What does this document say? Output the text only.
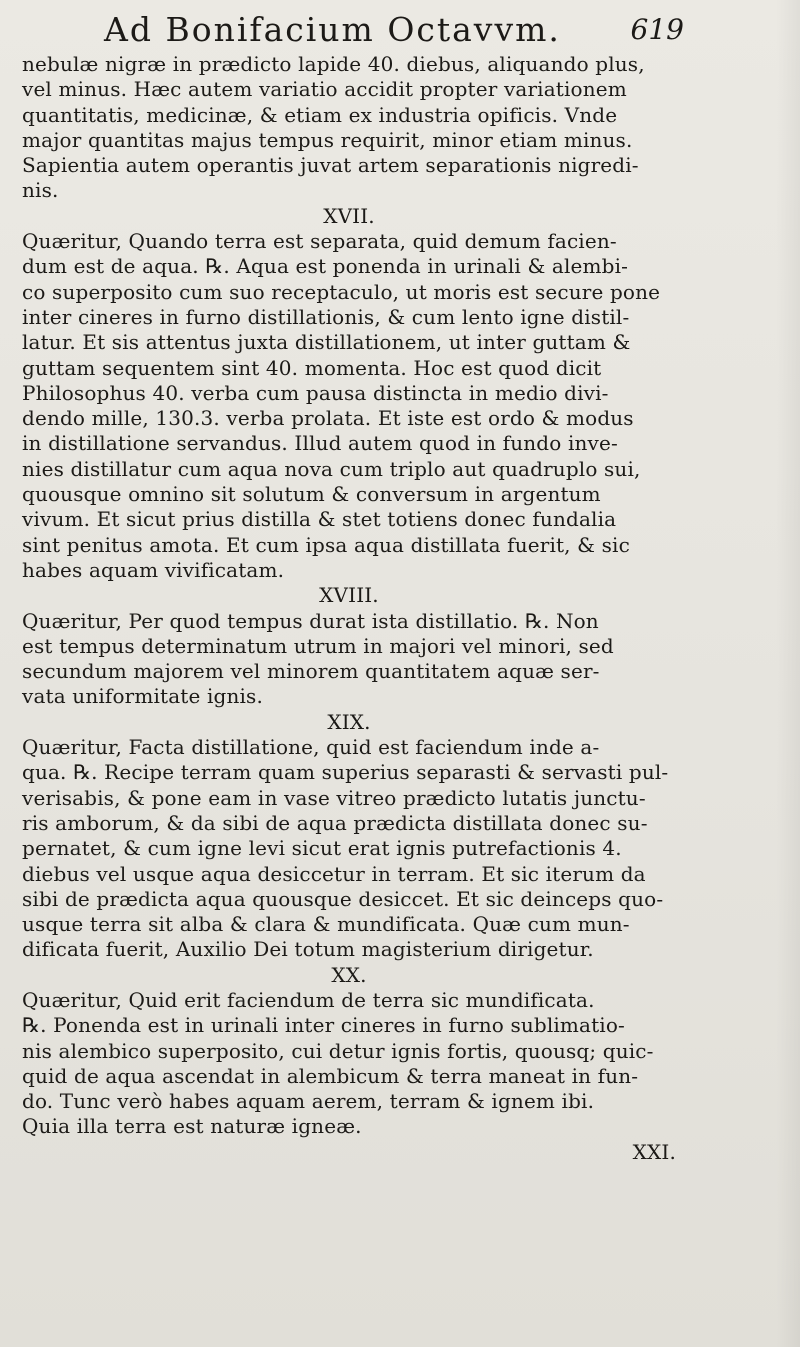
Ad Bonifacium Octavvm. 619
nebulæ nigræ in prædicto lapide 40. diebus, aliquando plus,
vel minus. Hæc autem variatio accidit propter variationem
quantitatis, medicinæ, & etiam ex industria opificis. Vnde
major quantitas majus tempus requirit, minor etiam minus.
Sapientia autem operantis juvat artem separationis nigredi-
nis.
XVII.
Quæritur, Quando terra est separata, quid demum facien-
dum est de aqua. ℞. Aqua est ponenda in urinali & alembi-
co superposito cum suo receptaculo, ut moris est secure pone
inter cineres in furno distillationis, & cum lento igne distil-
latur. Et sis attentus juxta distillationem, ut inter guttam &
guttam sequentem sint 40. momenta. Hoc est quod dicit
Philosophus 40. verba cum pausa distincta in medio divi-
dendo mille, 130.3. verba prolata. Et iste est ordo & modus
in distillatione servandus. Illud autem quod in fundo inve-
nies distillatur cum aqua nova cum triplo aut quadruplo sui,
quousque omnino sit solutum & conversum in argentum
vivum. Et sicut prius distilla & stet totiens donec fundalia
sint penitus amota. Et cum ipsa aqua distillata fuerit, & sic
habes aquam vivificatam.
XVIII.
Quæritur, Per quod tempus durat ista distillatio. ℞. Non
est tempus determinatum utrum in majori vel minori, sed
secundum majorem vel minorem quantitatem aquæ ser-
vata uniformitate ignis.
XIX.
Quæritur, Facta distillatione, quid est faciendum inde a-
qua. ℞. Recipe terram quam superius separasti & servasti pul-
verisabis, & pone eam in vase vitreo prædicto lutatis junctu-
ris amborum, & da sibi de aqua prædicta distillata donec su-
pernatet, & cum igne levi sicut erat ignis putrefactionis 4.
diebus vel usque aqua desiccetur in terram. Et sic iterum da
sibi de prædicta aqua quousque desiccet. Et sic deinceps quo-
usque terra sit alba & clara & mundificata. Quæ cum mun-
dificata fuerit, Auxilio Dei totum magisterium dirigetur.
XX.
Quæritur, Quid erit faciendum de terra sic mundificata.
℞. Ponenda est in urinali inter cineres in furno sublimatio-
nis alembico superposito, cui detur ignis fortis, quousq; quic-
quid de aqua ascendat in alembicum & terra maneat in fun-
do. Tunc verò habes aquam aerem, terram & ignem ibi.
Quia illa terra est naturæ igneæ.
XXI.
